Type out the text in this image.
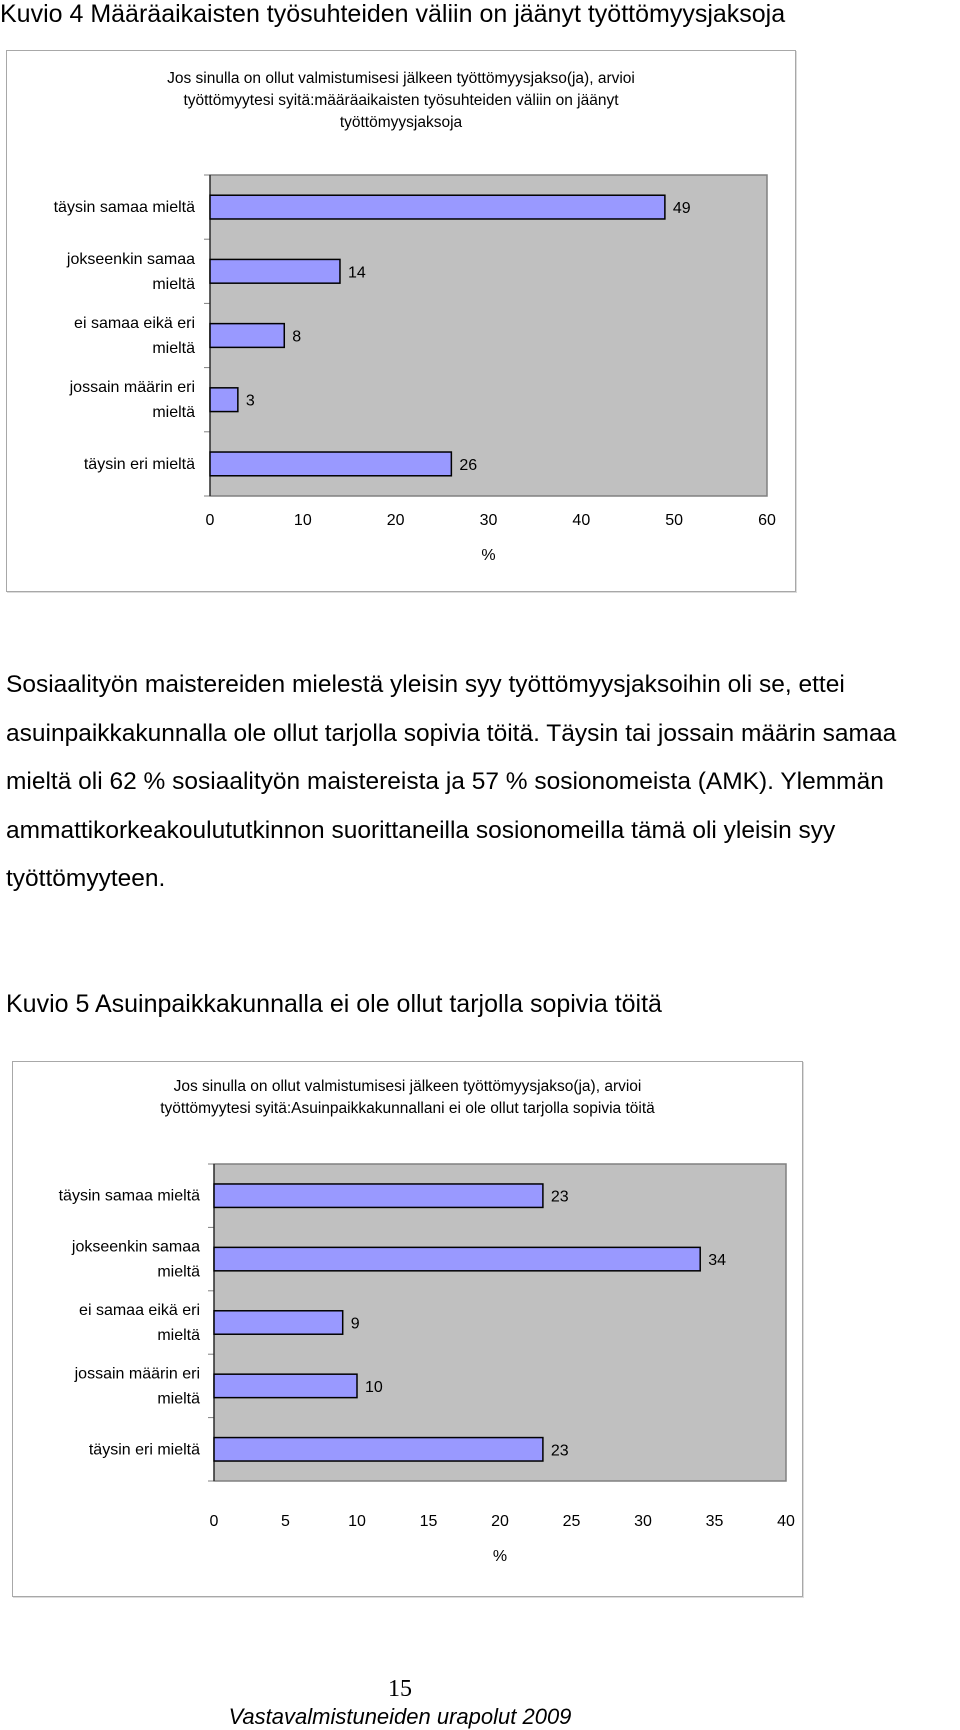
Kuvio 4 Määräaikaisten työsuhteiden väliin on jäänyt työttömyysjaksoja
Jos sinulla on ollut valmistumisesi jälkeen työttömyysjakso(ja), arvioi
työttömyytesi syitä:määräaikaisten työsuhteiden väliin on jäänyt
työttömyysjaksoja
49
täysin samaa mieltä
14
jokseenkin samaa
mieltä
8
ei samaa eikä eri
mieltä
3
jossain määrin eri
mieltä
26
täysin eri mieltä
0	10	20	30	40	50	60
%

Sosiaalityön maistereiden mielestä yleisin syy työttömyysjaksoihin oli se, ettei asuinpaikkakunnalla ole ollut tarjolla sopivia töitä. Täysin tai jossain määrin samaa mieltä oli 62 % sosiaalityön maistereista ja 57 % sosionomeista (AMK). Ylemmän ammattikorkeakoulututkinnon suorittaneilla sosionomeilla tämä oli yleisin syy työttömyyteen.

Kuvio 5 Asuinpaikkakunnalla ei ole ollut tarjolla sopivia töitä
Jos sinulla on ollut valmistumisesi jälkeen työttömyysjakso(ja), arvioi
työttömyytesi syitä:Asuinpaikkakunnallani ei ole ollut tarjolla sopivia töitä
23
täysin samaa mieltä
34
jokseenkin samaa
mieltä
9
ei samaa eikä eri
mieltä
10
jossain määrin eri
mieltä
23
täysin eri mieltä
0	5	10	15	20	25	30	35	40
%
15
Vastavalmistuneiden urapolut 2009
